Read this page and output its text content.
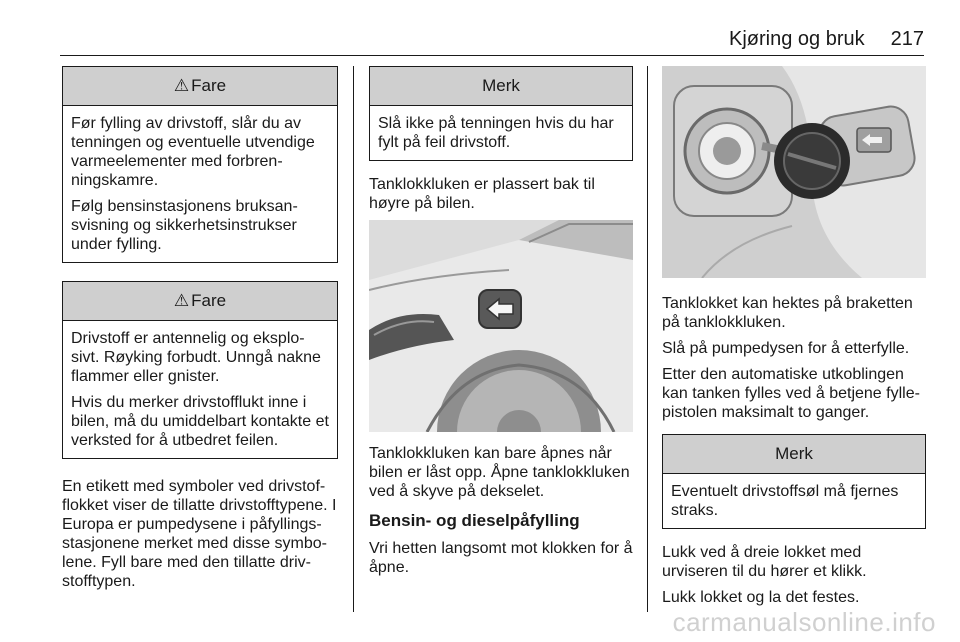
Kjøring og bruk 217
⚠ Fare

Før fylling av drivstoff, slår du av tenningen og eventuelle utvendige varmeelementer med forbren-ningskamre.

Følg bensinstasjonens bruksan-svisning og sikkerhetsinstrukser under fylling.

⚠ Fare

Drivstoff er antennelig og eksplo-sivt. Røyking forbudt. Unngå nakne flammer eller gnister.

Hvis du merker drivstofflukt inne i bilen, må du umiddelbart kontakte et verksted for å utbedret feilen.

En etikett med symboler ved drivstof-flokket viser de tillatte drivstofftypene. I Europa er pumpedysene i påfyllings-stasjonene merket med disse symbo-lene. Fyll bare med den tillatte driv-stofftypen.

Merk

Slå ikke på tenningen hvis du har fylt på feil drivstoff.

Tanklokkluken er plassert bak til høyre på bilen.

Tanklokkluken kan bare åpnes når bilen er låst opp. Åpne tanklokkluken ved å skyve på dekselet.

Bensin- og dieselpåfylling

Vri hetten langsomt mot klokken for å åpne.

Tanklokket kan hektes på braketten på tanklokkluken.

Slå på pumpedysen for å etterfylle.

Etter den automatiske utkoblingen kan tanken fylles ved å betjene fylle-pistolen maksimalt to ganger.

Merk

Eventuelt drivstoffsøl må fjernes straks.

Lukk ved å dreie lokket med urviseren til du hører et klikk.

Lukk lokket og la det festes.

carmanualsonline.info
